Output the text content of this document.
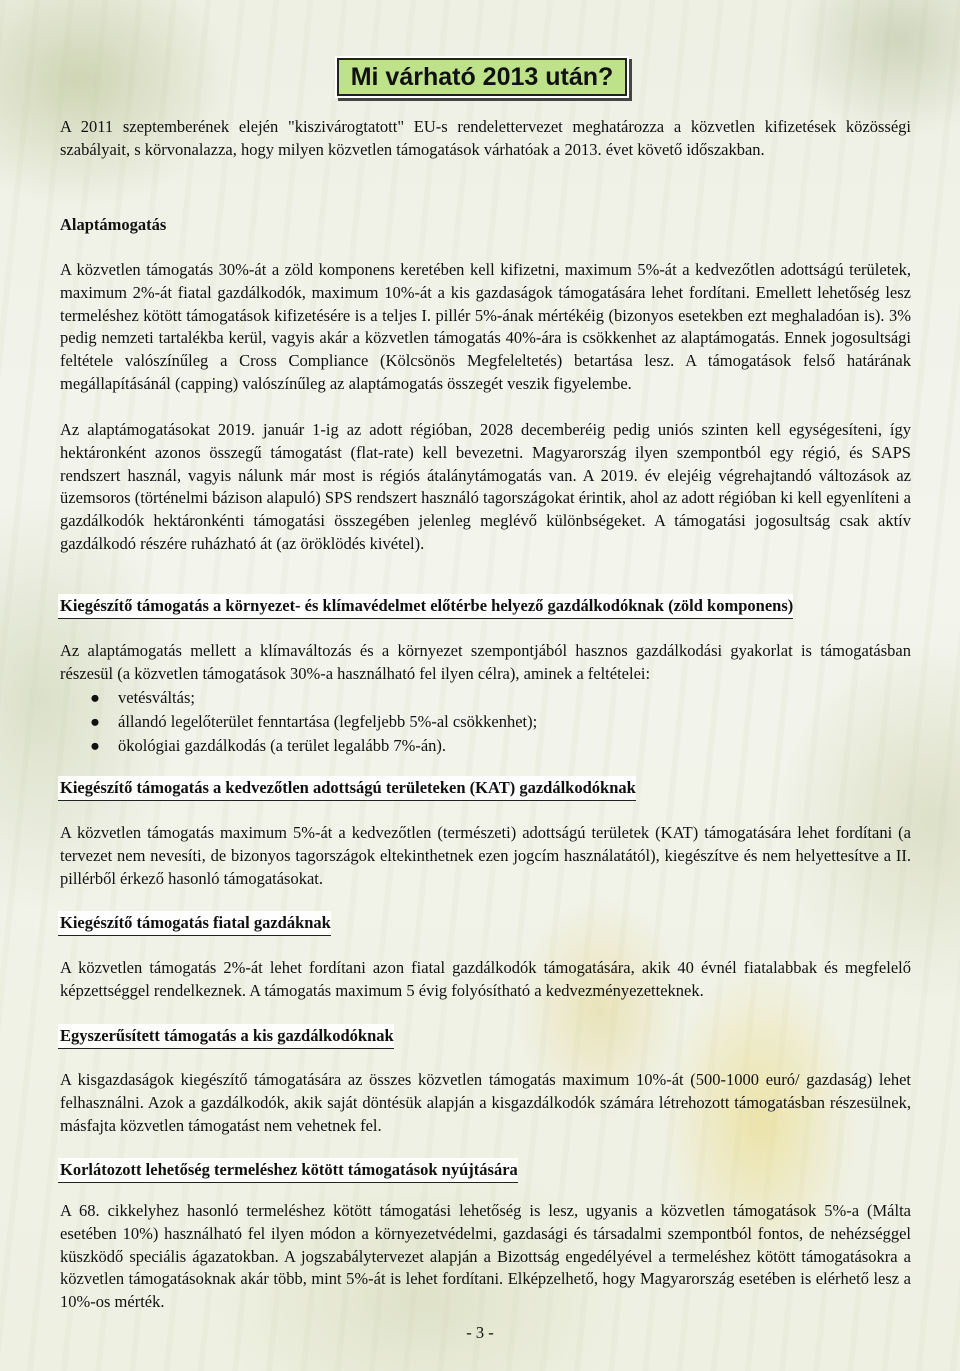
Mi várható 2013 után?
A 2011 szeptemberének elején "kiszivárogtatott" EU-s rendelettervezet meghatározza a közvetlen kifizetések közösségi szabályait, s körvonalazza, hogy milyen közvetlen támogatások várhatóak a 2013. évet követő időszakban.
Alaptámogatás
A közvetlen támogatás 30%-át a zöld komponens keretében kell kifizetni, maximum 5%-át a kedvezőtlen adottságú területek, maximum 2%-át fiatal gazdálkodók, maximum 10%-át a kis gazdaságok támogatására lehet fordítani. Emellett lehetőség lesz termeléshez kötött támogatások kifizetésére is a teljes I. pillér 5%-ának mértékéig (bizonyos esetekben ezt meghaladóan is). 3% pedig nemzeti tartalékba kerül, vagyis akár a közvetlen támogatás 40%-ára is csökkenhet az alaptámogatás. Ennek jogosultsági feltétele valószínűleg a Cross Compliance (Kölcsönös Megfeleltetés) betartása lesz. A támogatások felső határának megállapításánál (capping) valószínűleg az alaptámogatás összegét veszik figyelembe.
Az alaptámogatásokat 2019. január 1-ig az adott régióban, 2028 decemberéig pedig uniós szinten kell egységesíteni, így hektáronként azonos összegű támogatást (flat-rate) kell bevezetni. Magyarország ilyen szempontból egy régió, és SAPS rendszert használ, vagyis nálunk már most is régiós átalánytámogatás van. A 2019. év elejéig végrehajtandó változások az üzemsoros (történelmi bázison alapuló) SPS rendszert használó tagországokat érintik, ahol az adott régióban ki kell egyenlíteni a gazdálkodók hektáronkénti támogatási összegében jelenleg meglévő különbségeket. A támogatási jogosultság csak aktív gazdálkodó részére ruházható át (az öröklödés kivétel).
Kiegészítő támogatás a környezet- és klímavédelmet előtérbe helyező gazdálkodóknak (zöld komponens)
Az alaptámogatás mellett a klímaváltozás és a környezet szempontjából hasznos gazdálkodási gyakorlat is támogatásban részesül (a közvetlen támogatások 30%-a használható fel ilyen célra), aminek a feltételei:
● vetésváltás;
● állandó legelőterület fenntartása (legfeljebb 5%-al csökkenhet);
● ökológiai gazdálkodás (a terület legalább 7%-án).
Kiegészítő támogatás a kedvezőtlen adottságú területeken (KAT) gazdálkodóknak
A közvetlen támogatás maximum 5%-át a kedvezőtlen (természeti) adottságú területek (KAT) támogatására lehet fordítani (a tervezet nem nevesíti, de bizonyos tagországok eltekinthetnek ezen jogcím használatától), kiegészítve és nem helyettesítve a II. pillérből érkező hasonló támogatásokat.
Kiegészítő támogatás fiatal gazdáknak
A közvetlen támogatás 2%-át lehet fordítani azon fiatal gazdálkodók támogatására, akik 40 évnél fiatalabbak és megfelelő képzettséggel rendelkeznek. A támogatás maximum 5 évig folyósítható a kedvezményezetteknek.
Egyszerűsített támogatás a kis gazdálkodóknak
A kisgazdaságok kiegészítő támogatására az összes közvetlen támogatás maximum 10%-át (500-1000 euró/ gazdaság) lehet felhasználni. Azok a gazdálkodók, akik saját döntésük alapján a kisgazdálkodók számára létrehozott támogatásban részesülnek, másfajta közvetlen támogatást nem vehetnek fel.
Korlátozott lehetőség termeléshez kötött támogatások nyújtására
A 68. cikkelyhez hasonló termeléshez kötött támogatási lehetőség is lesz, ugyanis a közvetlen támogatások 5%-a (Málta esetében 10%) használható fel ilyen módon a környezetvédelmi, gazdasági és társadalmi szempontból fontos, de nehézséggel küszködő speciális ágazatokban. A jogszabálytervezet alapján a Bizottság engedélyével a termeléshez kötött támogatásokra a közvetlen támogatásoknak akár több, mint 5%-át is lehet fordítani. Elképzelhető, hogy Magyarország esetében is elérhető lesz a 10%-os mérték.
- 3 -
